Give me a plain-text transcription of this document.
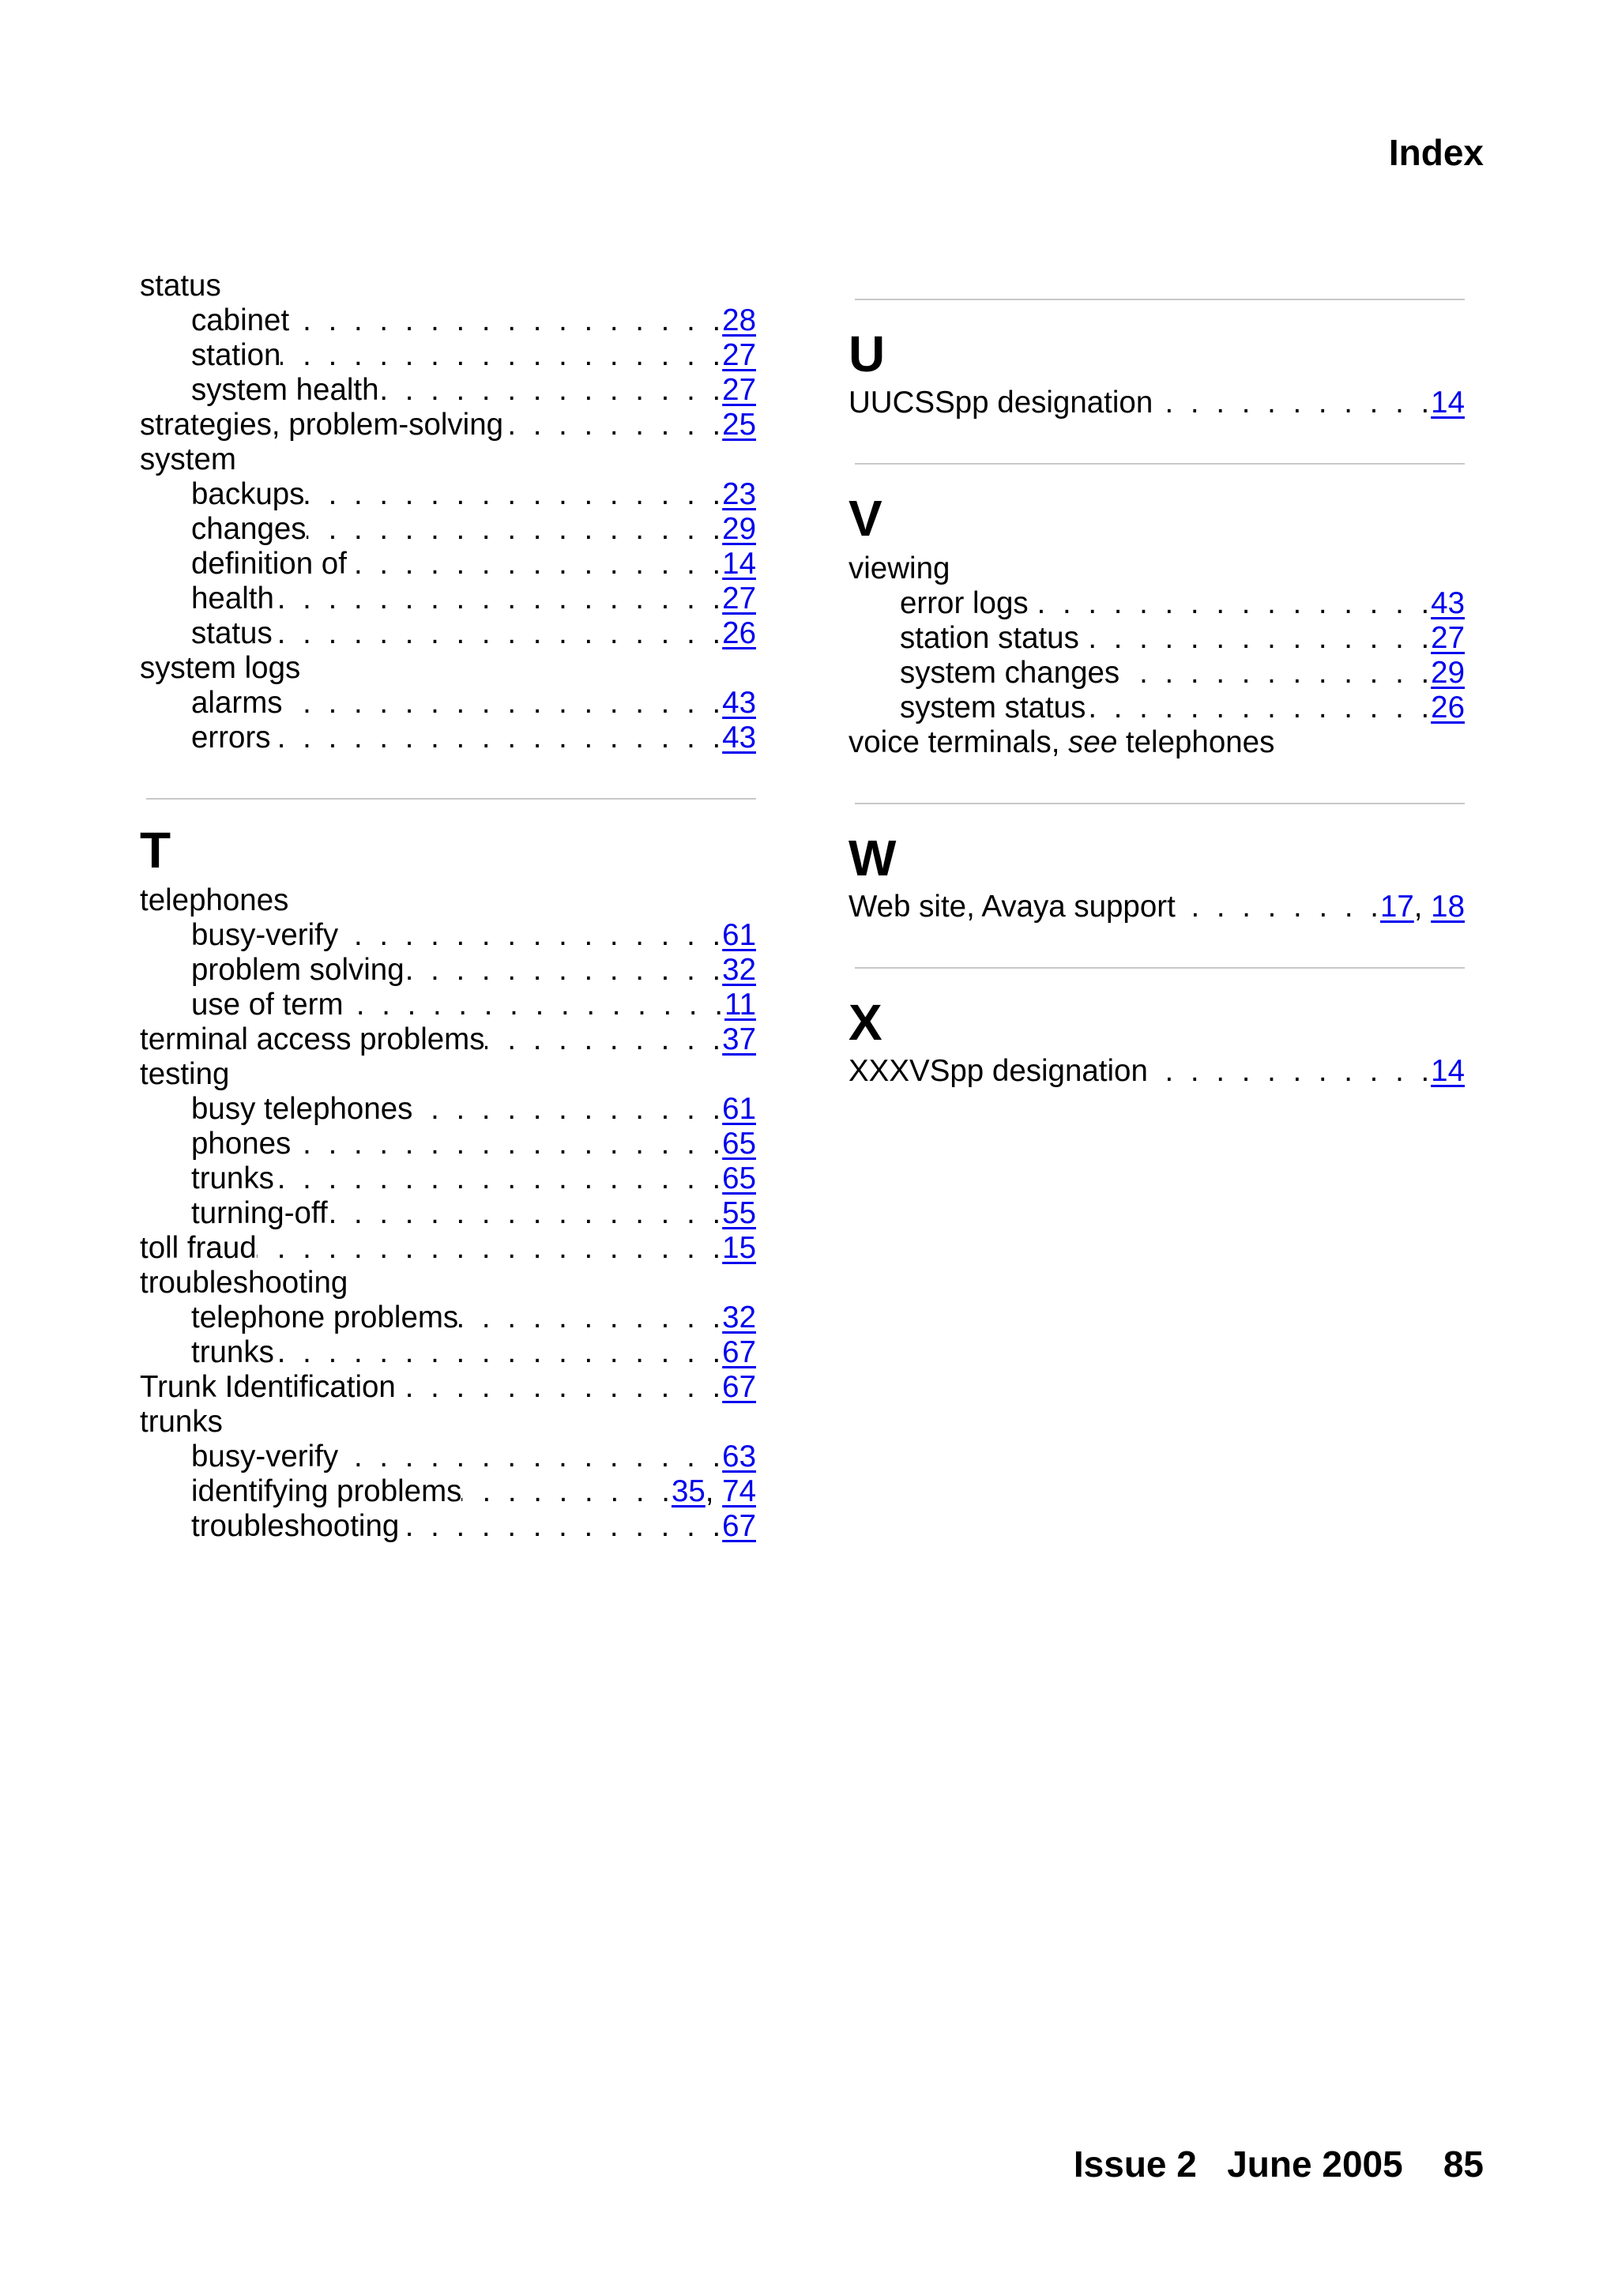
Index
status
cabinet . . .	28
station . . .	27
system health . . .	27
strategies, problem-solving . . .	25
system
backups . . .	23
changes . . .	29
definition of . . .	14
health . . .	27
status . . .	26
system logs
alarms . . .	43
errors . . .	43
T
telephones
busy-verify . . .	61
problem solving . . .	32
use of term . . .	11
terminal access problems . . .	37
testing
busy telephones . . .	61
phones . . .	65
trunks . . .	65
turning-off . . .	55
toll fraud . . .	15
troubleshooting
telephone problems . . .	32
trunks . . .	67
Trunk Identification . . .	67
trunks
busy-verify . . .	63
identifying problems . . .	35, 74
troubleshooting . . .	67
U
UUCSSpp designation . . .	14
V
viewing
error logs . . .	43
station status . . .	27
system changes . . .	29
system status . . .	26
voice terminals, see telephones
W
Web site, Avaya support . . .	17, 18
X
XXXVSpp designation . . .	14
Issue 2 June 2005 85
